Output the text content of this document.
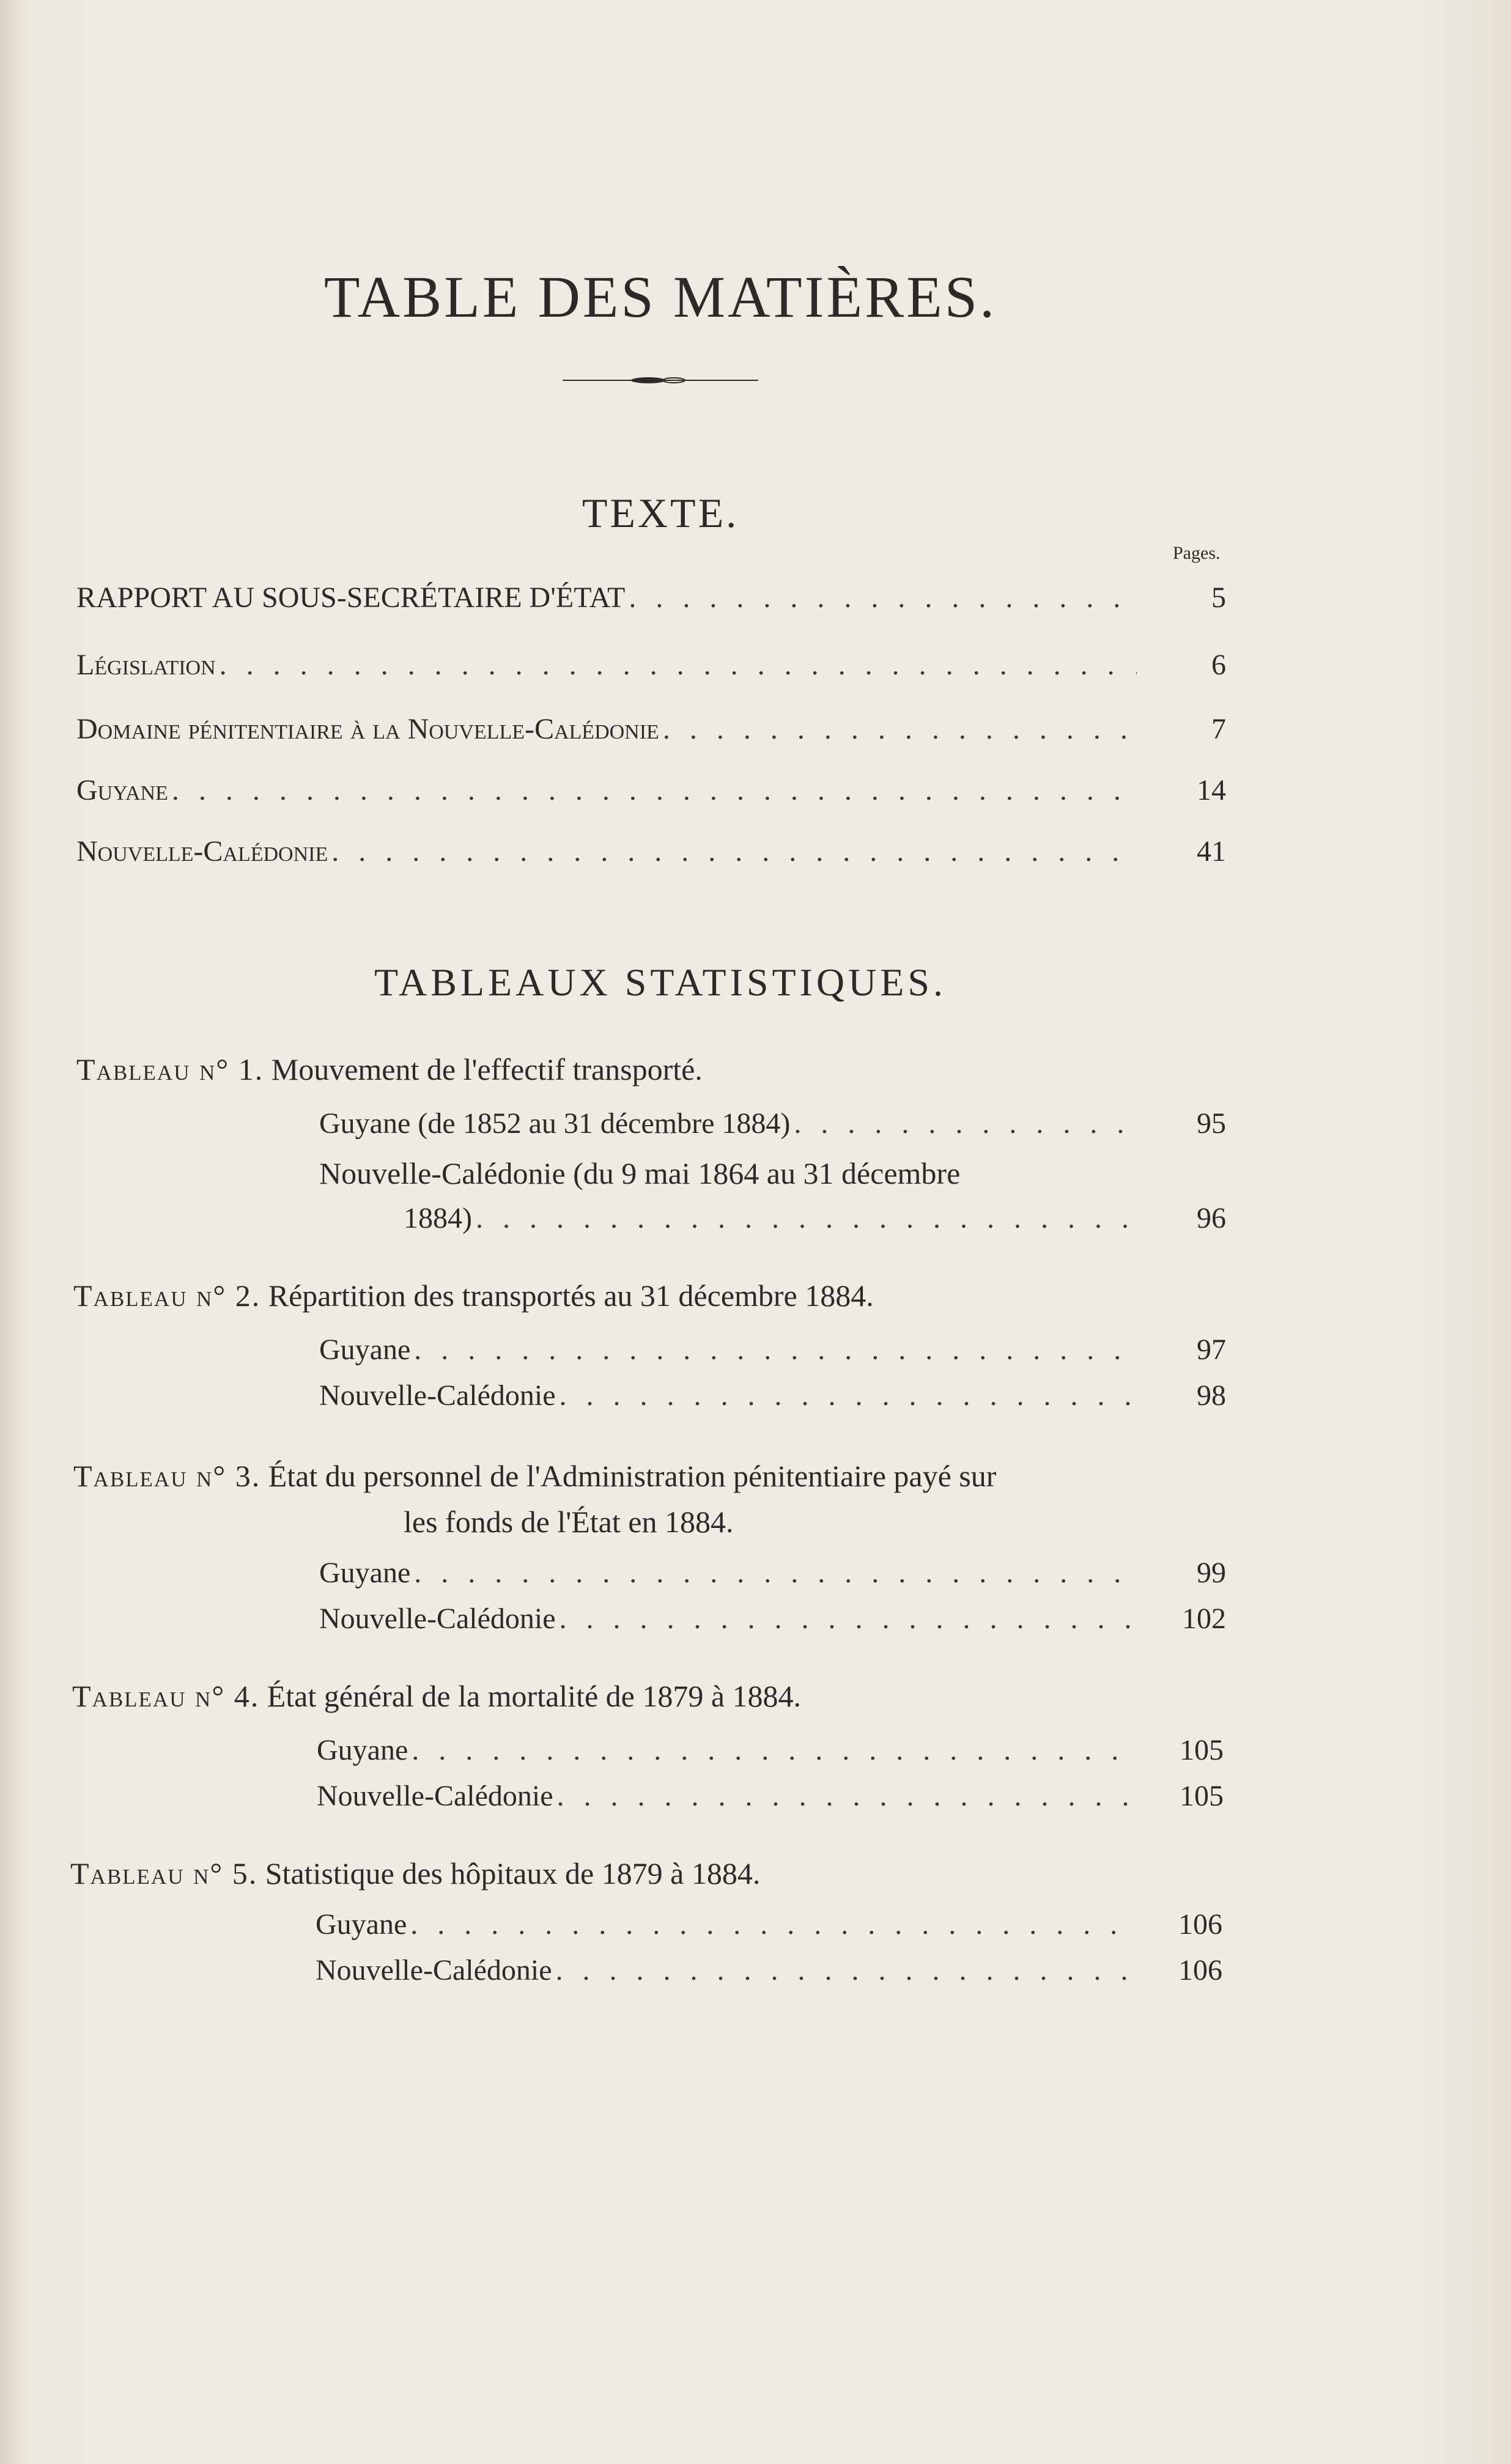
TABLE DES MATIÈRES.
TEXTE.
Pages.
RAPPORT AU SOUS-SECRÉTAIRE D'ÉTAT . . .	5
Législation . . .	6
Domaine pénitentiaire à la Nouvelle-Calédonie . . .	7
Guyane . . .	14
Nouvelle-Calédonie . . .	41
TABLEAUX STATISTIQUES.
Tableau n° 1. Mouvement de l'effectif transporté.
Guyane (de 1852 au 31 décembre 1884) . . .	95
Nouvelle-Calédonie (du 9 mai 1864 au 31 décembre
1884) . . .	96
Tableau n° 2. Répartition des transportés au 31 décembre 1884.
Guyane . . .	97
Nouvelle-Calédonie . . .	98
Tableau n° 3. État du personnel de l'Administration pénitentiaire payé sur
les fonds de l'État en 1884.
Guyane . . .	99
Nouvelle-Calédonie . . .	102
Tableau n° 4. État général de la mortalité de 1879 à 1884.
Guyane . . .	105
Nouvelle-Calédonie . . .	105
Tableau n° 5. Statistique des hôpitaux de 1879 à 1884.
Guyane . . .	106
Nouvelle-Calédonie . . .	106
